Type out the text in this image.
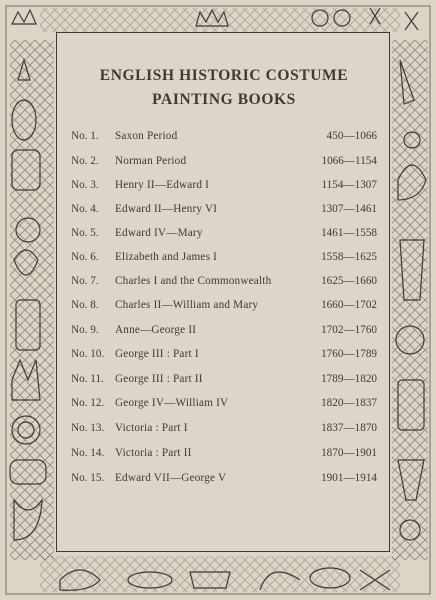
ENGLISH HISTORIC COSTUME
PAINTING BOOKS
No. 1. Saxon Period	450—1066
No. 2. Norman Period	1066—1154
No. 3. Henry II—Edward I	1154—1307
No. 4. Edward II—Henry VI	1307—1461
No. 5. Edward IV—Mary	1461—1558
No. 6. Elizabeth and James I	1558—1625
No. 7. Charles I and the Commonwealth	1625—1660
No. 8. Charles II—William and Mary	1660—1702
No. 9. Anne—George II	1702—1760
No. 10. George III : Part I	1760—1789
No. 11. George III : Part II	1789—1820
No. 12. George IV—William IV	1820—1837
No. 13. Victoria : Part I	1837—1870
No. 14. Victoria : Part II	1870—1901
No. 15. Edward VII—George V	1901—1914
